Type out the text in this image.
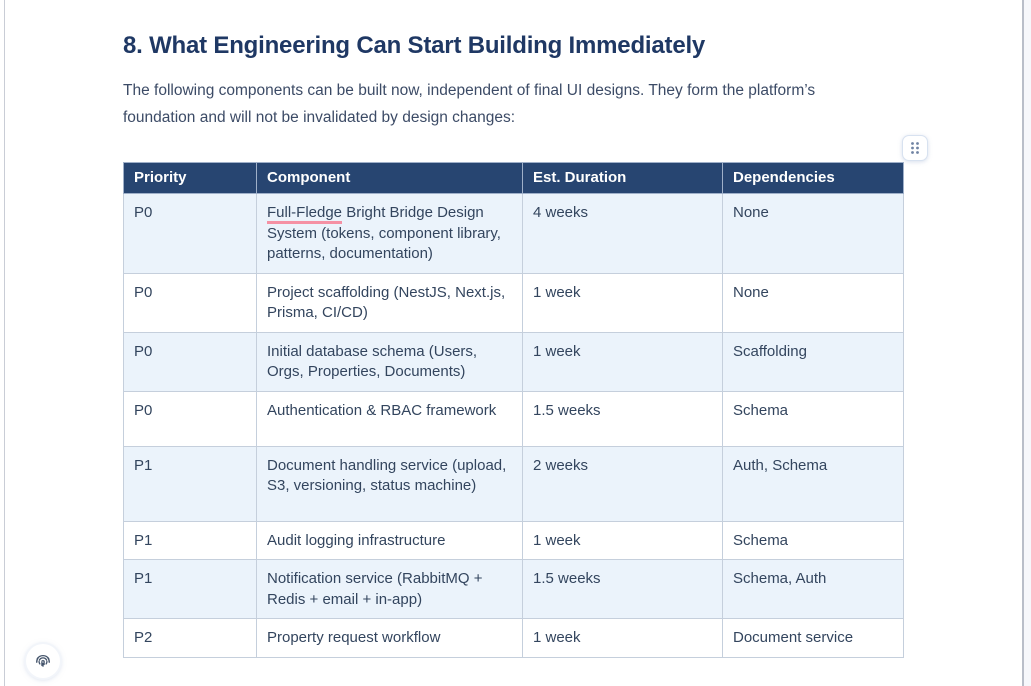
8. What Engineering Can Start Building Immediately

The following components can be built now, independent of final UI designs. They form the platform’s foundation and will not be invalidated by design changes:

Priority	Component	Est. Duration	Dependencies
P0	Full-Fledge Bright Bridge Design System (tokens, component library, patterns, documentation)	4 weeks	None
P0	Project scaffolding (NestJS, Next.js, Prisma, CI/CD)	1 week	None
P0	Initial database schema (Users, Orgs, Properties, Documents)	1 week	Scaffolding
P0	Authentication & RBAC framework	1.5 weeks	Schema
P1	Document handling service (upload, S3, versioning, status machine)	2 weeks	Auth, Schema
P1	Audit logging infrastructure	1 week	Schema
P1	Notification service (RabbitMQ + Redis + email + in-app)	1.5 weeks	Schema, Auth
P2	Property request workflow	1 week	Document service
